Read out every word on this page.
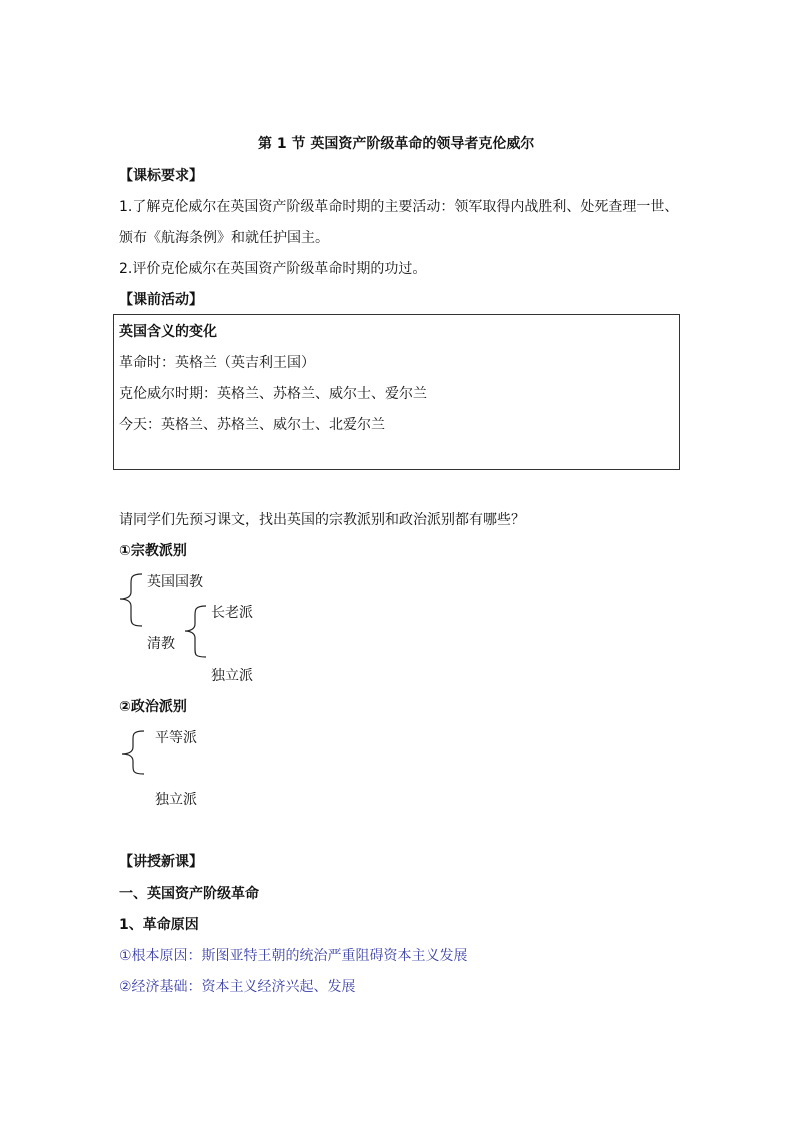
第 1 节 英国资产阶级革命的领导者克伦威尔
【课标要求】
1.了解克伦威尔在英国资产阶级革命时期的主要活动：领军取得内战胜利、处死查理一世、
颁布《航海条例》和就任护国主。
2.评价克伦威尔在英国资产阶级革命时期的功过。
【课前活动】
英国含义的变化
革命时：英格兰（英吉利王国）
克伦威尔时期：英格兰、苏格兰、威尔士、爱尔兰
今天：英格兰、苏格兰、威尔士、北爱尔兰
请同学们先预习课文，找出英国的宗教派别和政治派别都有哪些？
①宗教派别
英国国教
长老派
清教
独立派
②政治派别
平等派
独立派
【讲授新课】
一、英国资产阶级革命
1、革命原因
①根本原因：斯图亚特王朝的统治严重阻碍资本主义发展
②经济基础：资本主义经济兴起、发展
